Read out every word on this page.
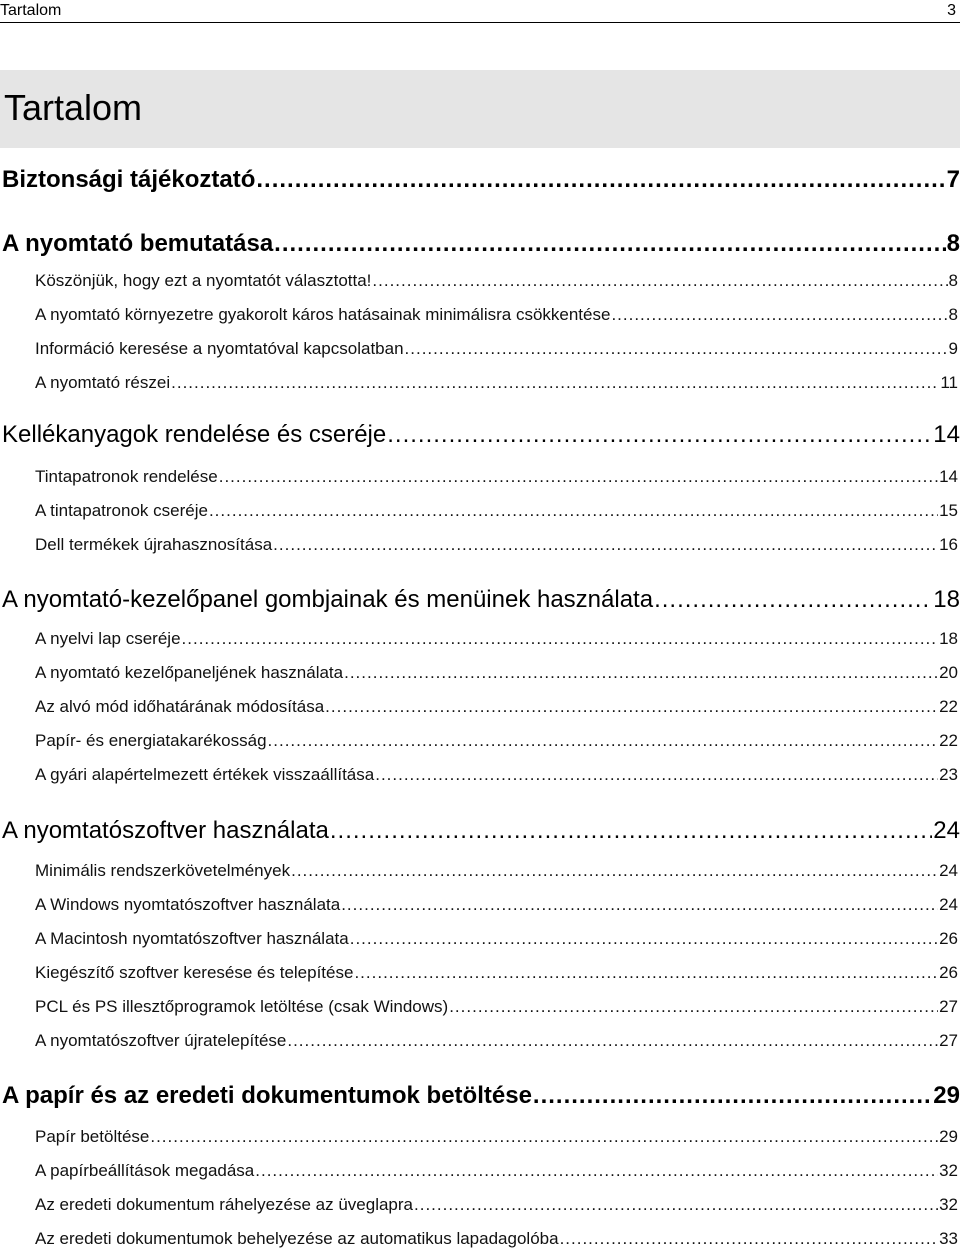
Tartalom	3
Tartalom
Biztonsági tájékoztató .....	7
A nyomtató bemutatása .....	8
Köszönjük, hogy ezt a nyomtatót választotta! .....	8
A nyomtató környezetre gyakorolt káros hatásainak minimálisra csökkentése .....	8
Információ keresése a nyomtatóval kapcsolatban .....	9
A nyomtató részei .....	11
Kellékanyagok rendelése és cseréje .....	14
Tintapatronok rendelése .....	14
A tintapatronok cseréje .....	15
Dell termékek újrahasznosítása .....	16
A nyomtató-kezelőpanel gombjainak és menüinek használata .....	18
A nyelvi lap cseréje .....	18
A nyomtató kezelőpaneljének használata .....	20
Az alvó mód időhatárának módosítása .....	22
Papír- és energiatakarékosság .....	22
A gyári alapértelmezett értékek visszaállítása .....	23
A nyomtatószoftver használata .....	24
Minimális rendszerkövetelmények .....	24
A Windows nyomtatószoftver használata .....	24
A Macintosh nyomtatószoftver használata .....	26
Kiegészítő szoftver keresése és telepítése .....	26
PCL és PS illesztőprogramok letöltése (csak Windows) .....	27
A nyomtatószoftver újratelepítése .....	27
A papír és az eredeti dokumentumok betöltése .....	29
Papír betöltése .....	29
A papírbeállítások megadása .....	32
Az eredeti dokumentum ráhelyezése az üveglapra .....	32
Az eredeti dokumentumok behelyezése az automatikus lapadagolóba .....	33
